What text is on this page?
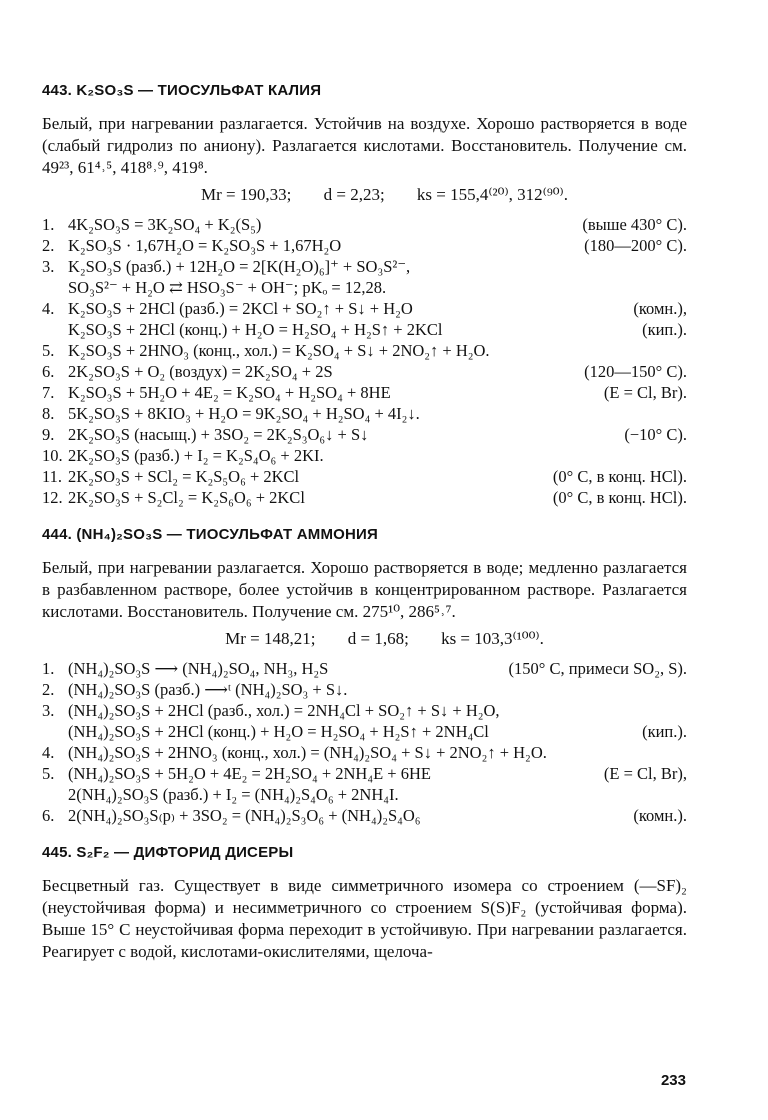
443. K₂SO₃S — ТИОСУЛЬФАТ КАЛИЯ

Белый, при нагревании разлагается. Устойчив на воздухе. Хорошо растворяется в воде (слабый гидролиз по аниону). Разлагается кислотами. Восстановитель. Получение см. 49²³, 61⁴˒⁵, 418⁸˒⁹, 419⁸.

Mr = 190,33; d = 2,23; ks = 155,4⁽²⁰⁾, 312⁽⁹⁰⁾.
1. 4K₂SO₃S = 3K₂SO₄ + K₂(S₅)	(выше 430° С).
2. K₂SO₃S · 1,67H₂O = K₂SO₃S + 1,67H₂O	(180—200° С).
3. K₂SO₃S (разб.) + 12H₂O = 2[K(H₂O)₆]⁺ + SO₃S²⁻,
SO₃S²⁻ + H₂O ⇄ HSO₃S⁻ + OH⁻; pKₒ = 12,28.
4. K₂SO₃S + 2HCl (разб.) = 2KCl + SO₂↑ + S↓ + H₂O	(комн.),
K₂SO₃S + 2HCl (конц.) + H₂O = H₂SO₄ + H₂S↑ + 2KCl	(кип.).
5. K₂SO₃S + 2HNO₃ (конц., хол.) = K₂SO₄ + S↓ + 2NO₂↑ + H₂O.
6. 2K₂SO₃S + O₂ (воздух) = 2K₂SO₄ + 2S	(120—150° С).
7. K₂SO₃S + 5H₂O + 4E₂ = K₂SO₄ + H₂SO₄ + 8HE	(E = Cl, Br).
8. 5K₂SO₃S + 8KIO₃ + H₂O = 9K₂SO₄ + H₂SO₄ + 4I₂↓.
9. 2K₂SO₃S (насыщ.) + 3SO₂ = 2K₂S₃O₆↓ + S↓	(−10° С).
10. 2K₂SO₃S (разб.) + I₂ = K₂S₄O₆ + 2KI.
11. 2K₂SO₃S + SCl₂ = K₂S₅O₆ + 2KCl	(0° С, в конц. HCl).
12. 2K₂SO₃S + S₂Cl₂ = K₂S₆O₆ + 2KCl	(0° С, в конц. HCl).
444. (NH₄)₂SO₃S — ТИОСУЛЬФАТ АММОНИЯ

Белый, при нагревании разлагается. Хорошо растворяется в воде; медленно разлагается в разбавленном растворе, более устойчив в концентрированном растворе. Разлагается кислотами. Восстановитель. Получение см. 275¹⁰, 286⁵˒⁷.

Mr = 148,21; d = 1,68; ks = 103,3⁽¹⁰⁰⁾.
1. (NH₄)₂SO₃S ⟶ (NH₄)₂SO₄, NH₃, H₂S	(150° С, примеси SO₂, S).
2. (NH₄)₂SO₃S (разб.) ⟶ᵗ (NH₄)₂SO₃ + S↓.
3. (NH₄)₂SO₃S + 2HCl (разб., хол.) = 2NH₄Cl + SO₂↑ + S↓ + H₂O,
(NH₄)₂SO₃S + 2HCl (конц.) + H₂O = H₂SO₄ + H₂S↑ + 2NH₄Cl	(кип.).
4. (NH₄)₂SO₃S + 2HNO₃ (конц., хол.) = (NH₄)₂SO₄ + S↓ + 2NO₂↑ + H₂O.
5. (NH₄)₂SO₃S + 5H₂O + 4E₂ = 2H₂SO₄ + 2NH₄E + 6HE	(E = Cl, Br),
2(NH₄)₂SO₃S (разб.) + I₂ = (NH₄)₂S₄O₆ + 2NH₄I.
6. 2(NH₄)₂SO₃S₍р₎ + 3SO₂ = (NH₄)₂S₃O₆ + (NH₄)₂S₄O₆	(комн.).
445. S₂F₂ — ДИФТОРИД ДИСЕРЫ

Бесцветный газ. Существует в виде симметричного изомера со строением (—SF)₂ (неустойчивая форма) и несимметричного со строением S(S)F₂ (устойчивая форма). Выше 15° С неустойчивая форма переходит в устойчивую. При нагревании разлагается. Реагирует с водой, кислотами-окислителями, щелоча-

233
